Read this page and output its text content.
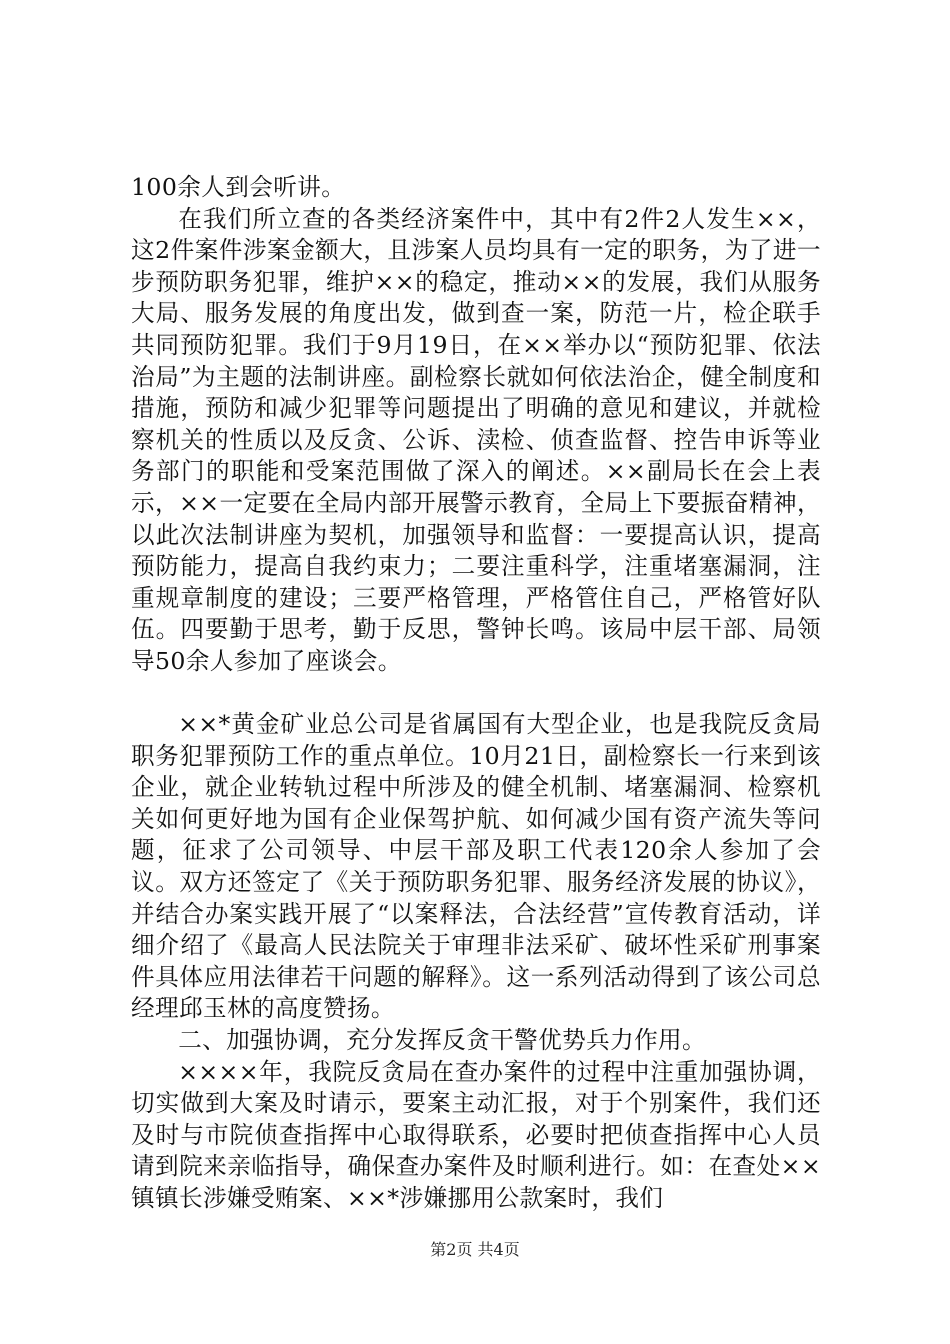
100余人到会听讲。

在我们所立查的各类经济案件中，其中有2件2人发生××，这2件案件涉案金额大，且涉案人员均具有一定的职务，为了进一步预防职务犯罪，维护××的稳定，推动××的发展，我们从服务大局、服务发展的角度出发，做到查一案，防范一片，检企联手共同预防犯罪。我们于9月19日，在××举办以“预防犯罪、依法治局”为主题的法制讲座。副检察长就如何依法治企，健全制度和措施，预防和减少犯罪等问题提出了明确的意见和建议，并就检察机关的性质以及反贪、公诉、渎检、侦查监督、控告申诉等业务部门的职能和受案范围做了深入的阐述。××副局长在会上表示，××一定要在全局内部开展警示教育，全局上下要振奋精神，以此次法制讲座为契机，加强领导和监督：一要提高认识，提高预防能力，提高自我约束力；二要注重科学，注重堵塞漏洞，注重规章制度的建设；三要严格管理，严格管住自己，严格管好队伍。四要勤于思考，勤于反思，警钟长鸣。该局中层干部、局领导50余人参加了座谈会。

××*黄金矿业总公司是省属国有大型企业，也是我院反贪局职务犯罪预防工作的重点单位。10月21日，副检察长一行来到该企业，就企业转轨过程中所涉及的健全机制、堵塞漏洞、检察机关如何更好地为国有企业保驾护航、如何减少国有资产流失等问题，征求了公司领导、中层干部及职工代表120余人参加了会议。双方还签定了《关于预防职务犯罪、服务经济发展的协议》，并结合办案实践开展了“以案释法，合法经营”宣传教育活动，详细介绍了《最高人民法院关于审理非法采矿、破坏性采矿刑事案件具体应用法律若干问题的解释》。这一系列活动得到了该公司总经理邱玉林的高度赞扬。

二、加强协调，充分发挥反贪干警优势兵力作用。

××××年，我院反贪局在查办案件的过程中注重加强协调，切实做到大案及时请示，要案主动汇报，对于个别案件，我们还及时与市院侦查指挥中心取得联系，必要时把侦查指挥中心人员请到院来亲临指导，确保查办案件及时顺利进行。如：在查处××镇镇长涉嫌受贿案、××*涉嫌挪用公款案时，我们

第2页 共4页
